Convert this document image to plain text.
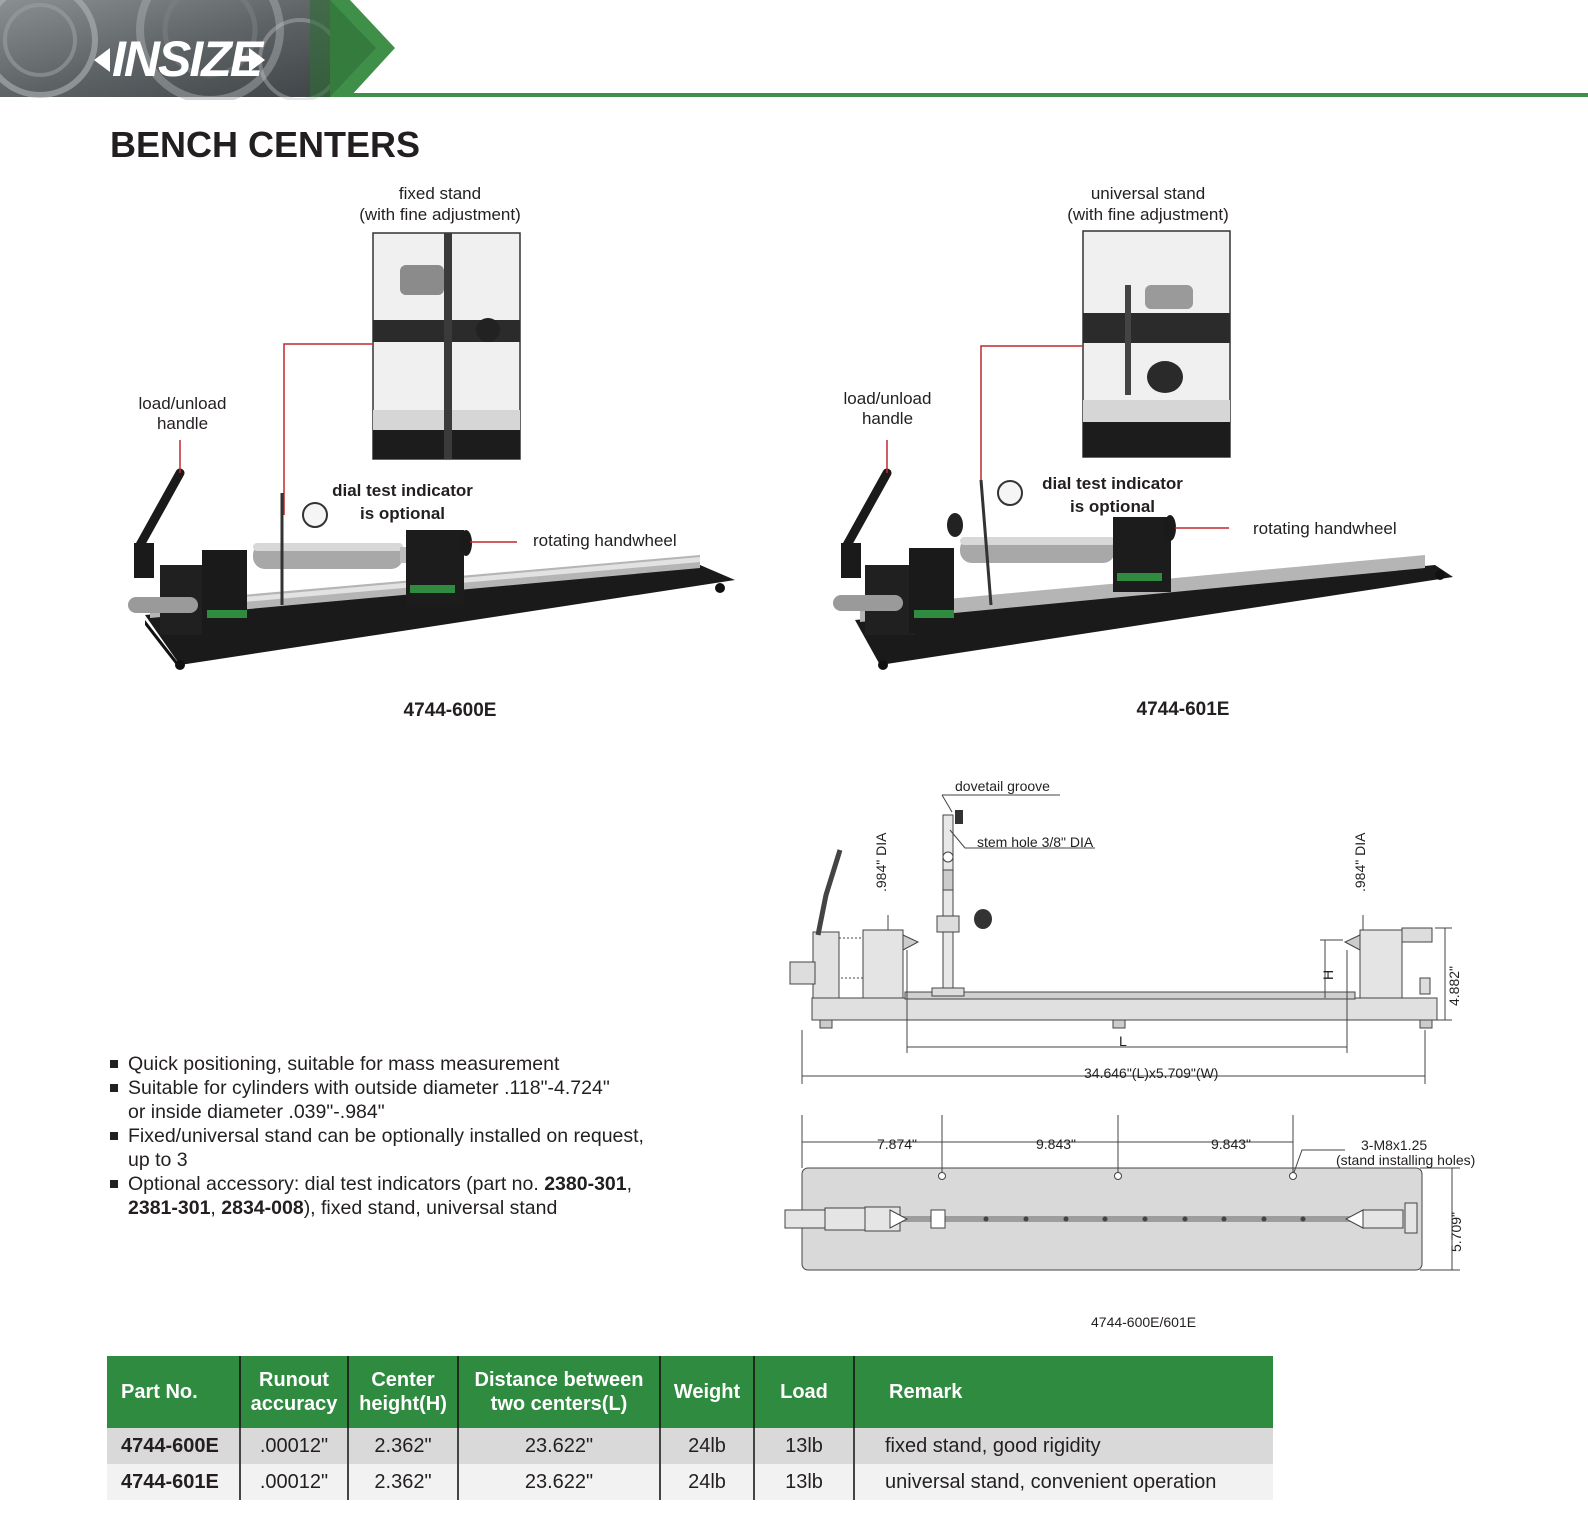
INSIZE
BENCH CENTERS
fixed stand
(with fine adjustment)
load/unload
handle
dial test indicator
is optional
rotating handwheel
4744-600E
universal stand
(with fine adjustment)
load/unload
handle
dial test indicator
is optional
rotating handwheel
4744-601E
dovetail groove
stem hole 3/8" DIA
.984" DIA	.984" DIA
H	4.882"
L
34.646"(L)x5.709"(W)
7.874"	9.843"	9.843"	3-M8x1.25
(stand installing holes)
5.709"
4744-600E/601E
Quick positioning, suitable for mass measurement
Suitable for cylinders with outside diameter .118"-4.724"
or inside diameter .039"-.984"
Fixed/universal stand can be optionally installed on request,
up to 3
Optional accessory: dial test indicators (part no. 2380-301,
2381-301, 2834-008), fixed stand, universal stand
Part No.	Runout accuracy	Center height(H)	Distance between two centers(L)	Weight	Load	Remark
4744-600E	.00012"	2.362"	23.622"	24lb	13lb	fixed stand, good rigidity
4744-601E	.00012"	2.362"	23.622"	24lb	13lb	universal stand, convenient operation
